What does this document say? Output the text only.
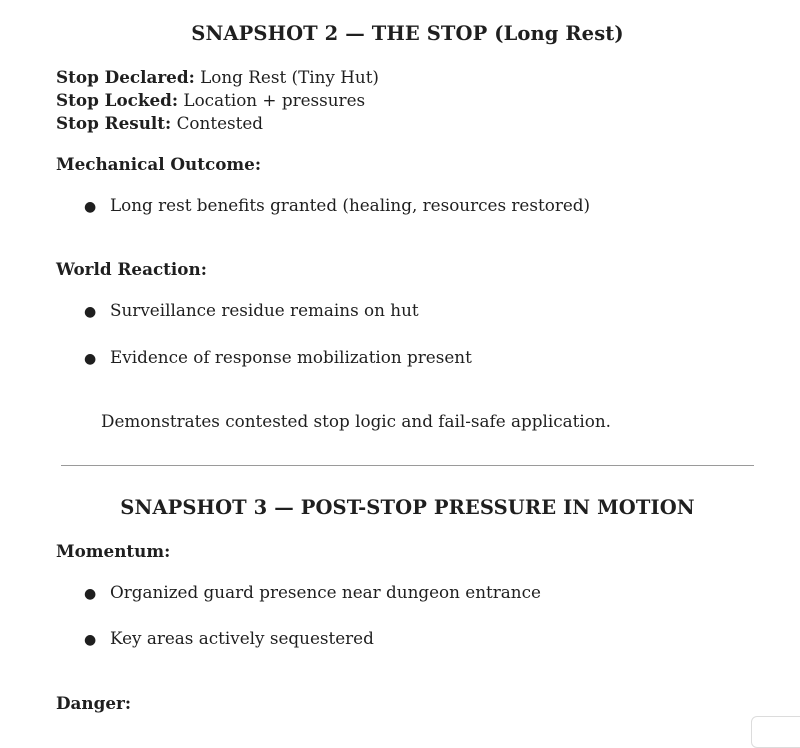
SNAPSHOT 2 — THE STOP (Long Rest)
Stop Declared: Long Rest (Tiny Hut)
Stop Locked: Location + pressures
Stop Result: Contested
Mechanical Outcome:
● Long rest benefits granted (healing, resources restored)
World Reaction:
● Surveillance residue remains on hut
● Evidence of response mobilization present
Demonstrates contested stop logic and fail-safe application.
SNAPSHOT 3 — POST-STOP PRESSURE IN MOTION
Momentum:
● Organized guard presence near dungeon entrance
● Key areas actively sequestered
Danger:
